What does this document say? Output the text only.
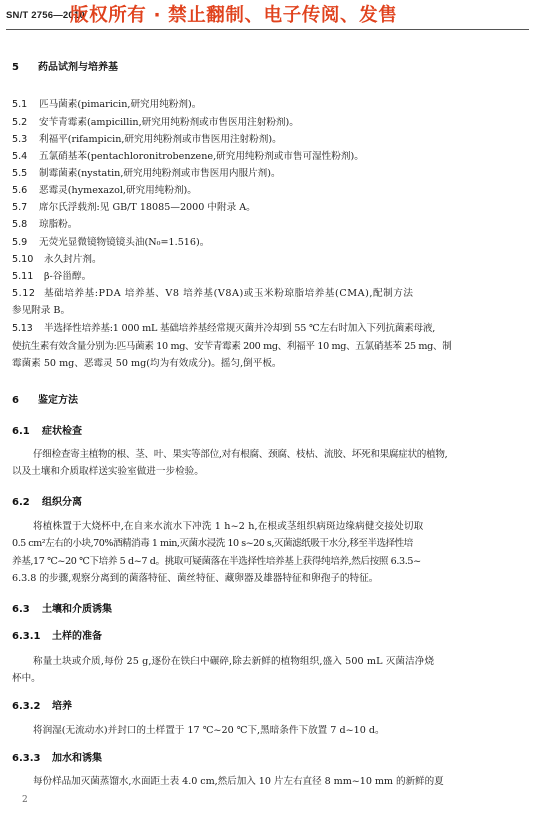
SN/T 2756—2010
版权所有 · 禁止翻制、电子传阅、发售
5 药品试剂与培养基
5.1 匹马菌素(pimaricin,研究用纯粉剂)。
5.2 安苄青霉素(ampicillin,研究用纯粉剂或市售医用注射粉剂)。
5.3 利福平(rifampicin,研究用纯粉剂或市售医用注射粉剂)。
5.4 五氯硝基苯(pentachloronitrobenzene,研究用纯粉剂或市售可湿性粉剂)。
5.5 制霉菌素(nystatin,研究用纯粉剂或市售医用内服片剂)。
5.6 恶霉灵(hymexazol,研究用纯粉剂)。
5.7 席尔氏浮载剂:见 GB/T 18085—2000 中附录 A。
5.8 琼脂粉。
5.9 无荧光显微镜物镜镜头油(N₀=1.516)。
5.10 永久封片剂。
5.11 β-谷甾醇。
5.12 基础培养基:PDA 培养基、V8 培养基(V8A)或玉米粉琼脂培养基(CMA),配制方法
参见附录 B。
5.13 半选择性培养基:1 000 mL 基础培养基经常规灭菌并冷却到 55 ℃左右时加入下列抗菌素母液,
使抗生素有效含量分别为:匹马菌素 10 mg、安苄青霉素 200 mg、利福平 10 mg、五氯硝基苯 25 mg、制
霉菌素 50 mg、恶霉灵 50 mg(均为有效成分)。摇匀,倒平板。
6 鉴定方法
6.1 症状检查
仔细检查寄主植物的根、茎、叶、果实等部位,对有根腐、颈腐、枝枯、流胶、坏死和果腐症状的植物,
以及土壤和介质取样送实验室做进一步检验。
6.2 组织分离
将植株置于大烧杯中,在自来水流水下冲洗 1 h~2 h,在根或茎组织病斑边缘病健交接处切取
0.5 cm²左右的小块,70%酒精消毒 1 min,灭菌水浸洗 10 s~20 s,灭菌滤纸吸干水分,移至半选择性培
养基,17 ℃~20 ℃下培养 5 d~7 d。挑取可疑菌落在半选择性培养基上获得纯培养,然后按照 6.3.5~
6.3.8 的步骤,观察分离到的菌落特征、菌丝特征、藏卵器及雄器特征和卵孢子的特征。
6.3 土壤和介质诱集
6.3.1 土样的准备
称量土块或介质,每份 25 g,逐份在铁臼中碾碎,除去新鲜的植物组织,盛入 500 mL 灭菌洁净烧
杯中。
6.3.2 培养
将润湿(无流动水)并封口的土样置于 17 ℃~20 ℃下,黑暗条件下放置 7 d~10 d。
6.3.3 加水和诱集
每份样品加灭菌蒸馏水,水面距土表 4.0 cm,然后加入 10 片左右直径 8 mm~10 mm 的新鲜的夏
2
